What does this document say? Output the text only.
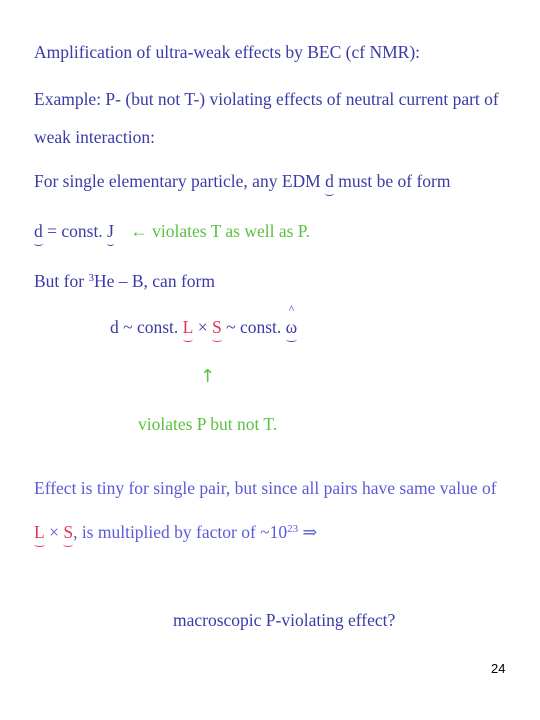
Amplification of ultra-weak effects by BEC (cf NMR):
Example: P- (but not T-) violating effects of neutral current part of
weak interaction:
For single elementary particle, any EDM d must be of form
d = const. J ← violates T as well as P.
But for $^3$He – B, can form
d ~ const. L × S ~ const.
^
ω
↑
violates P but not T.
Effect is tiny for single pair, but since all pairs have same value of
L × S, is multiplied by factor of $\sim 10^{23}$ ⇒
macroscopic P-violating effect?
24
